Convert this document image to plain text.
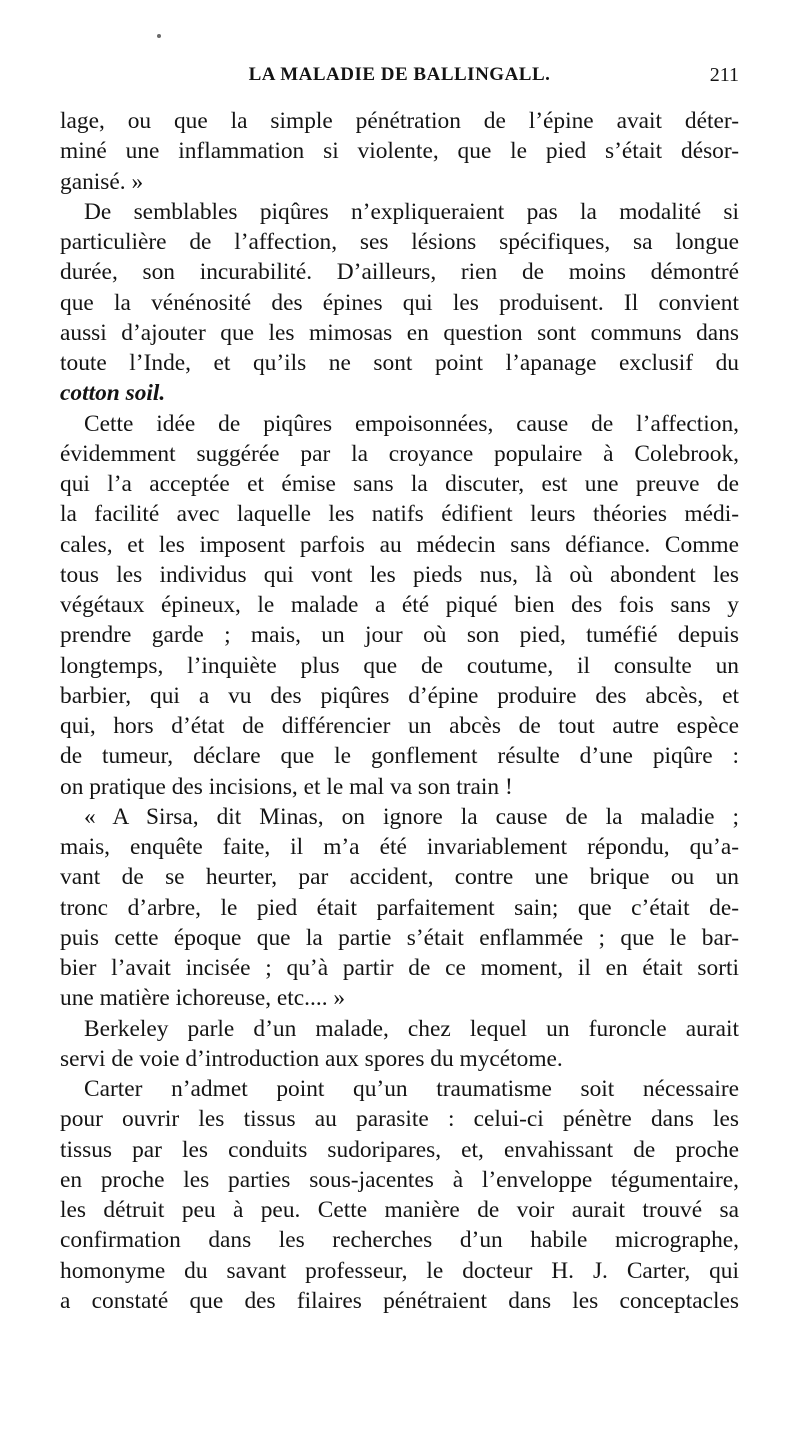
LA MALADIE DE BALLINGALL.	211
lage, ou que la simple pénétration de l’épine avait déter-
miné une inflammation si violente, que le pied s’était désor-
ganisé. »
De semblables piqûres n’expliqueraient pas la modalité si
particulière de l’affection, ses lésions spécifiques, sa longue
durée, son incurabilité. D’ailleurs, rien de moins démontré
que la vénénosité des épines qui les produisent. Il convient
aussi d’ajouter que les mimosas en question sont communs dans
toute l’Inde, et qu’ils ne sont point l’apanage exclusif du
cotton soil.
Cette idée de piqûres empoisonnées, cause de l’affection,
évidemment suggérée par la croyance populaire à Colebrook,
qui l’a acceptée et émise sans la discuter, est une preuve de
la facilité avec laquelle les natifs édifient leurs théories médi-
cales, et les imposent parfois au médecin sans défiance. Comme
tous les individus qui vont les pieds nus, là où abondent les
végétaux épineux, le malade a été piqué bien des fois sans y
prendre garde ; mais, un jour où son pied, tuméfié depuis
longtemps, l’inquiète plus que de coutume, il consulte un
barbier, qui a vu des piqûres d’épine produire des abcès, et
qui, hors d’état de différencier un abcès de tout autre espèce
de tumeur, déclare que le gonflement résulte d’une piqûre :
on pratique des incisions, et le mal va son train !
« A Sirsa, dit Minas, on ignore la cause de la maladie ;
mais, enquête faite, il m’a été invariablement répondu, qu’a-
vant de se heurter, par accident, contre une brique ou un
tronc d’arbre, le pied était parfaitement sain; que c’était de-
puis cette époque que la partie s’était enflammée ; que le bar-
bier l’avait incisée ; qu’à partir de ce moment, il en était sorti
une matière ichoreuse, etc.... »
Berkeley parle d’un malade, chez lequel un furoncle aurait
servi de voie d’introduction aux spores du mycétome.
Carter n’admet point qu’un traumatisme soit nécessaire
pour ouvrir les tissus au parasite : celui-ci pénètre dans les
tissus par les conduits sudoripares, et, envahissant de proche
en proche les parties sous-jacentes à l’enveloppe tégumentaire,
les détruit peu à peu. Cette manière de voir aurait trouvé sa
confirmation dans les recherches d’un habile micrographe,
homonyme du savant professeur, le docteur H. J. Carter, qui
a constaté que des filaires pénétraient dans les conceptacles
